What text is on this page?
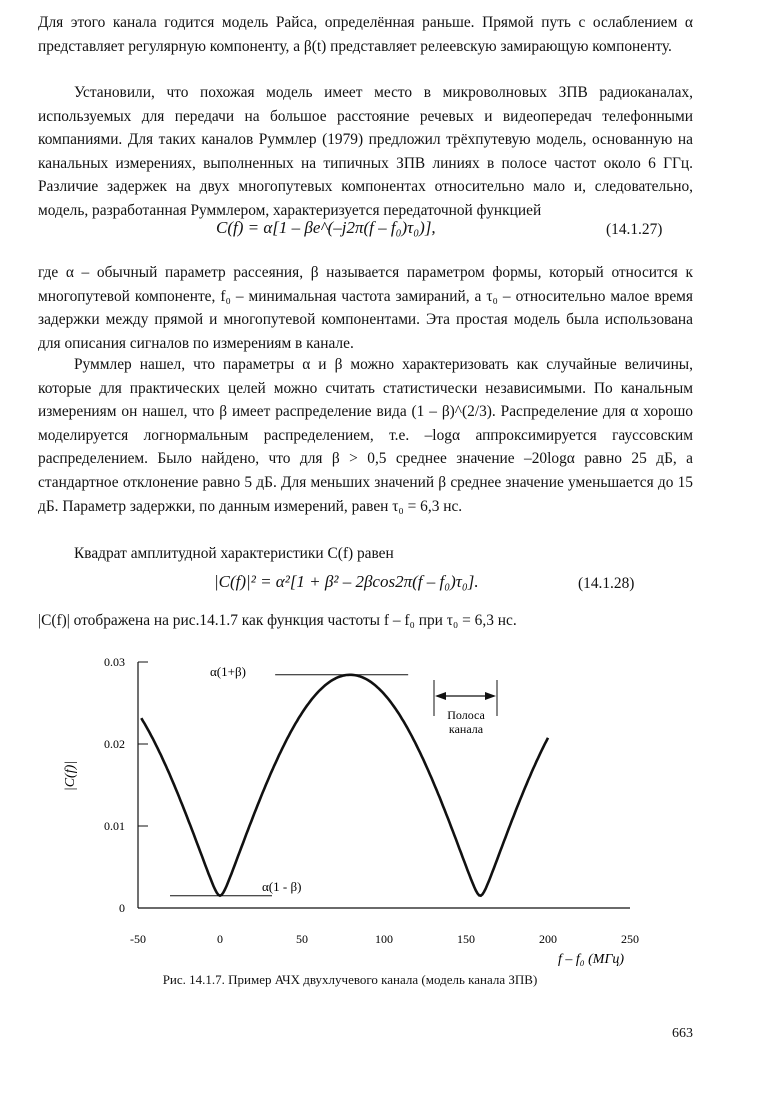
Для этого канала годится модель Райса, определённая раньше. Прямой путь с ослаблением α представляет регулярную компоненту, а β(t) представляет релеевскую замирающую компоненту.

Установили, что похожая модель имеет место в микроволновых ЗПВ радиоканалах, используемых для передачи на большое расстояние речевых и видеопередач телефонными компаниями. Для таких каналов Руммлер (1979) предложил трёхпутевую модель, основанную на канальных измерениях, выполненных на типичных ЗПВ линиях в полосе частот около 6 ГГц. Различие задержек на двух многопутевых компонентах относительно мало и, следовательно, модель, разработанная Руммлером, характеризуется передаточной функцией

C(f) = α[1 – βe^(–j2π(f – f₀)τ₀)],	(14.1.27)

где α – обычный параметр рассеяния, β называется параметром формы, который относится к многопутевой компоненте, f₀ – минимальная частота замираний, а τ₀ – относительно малое время задержки между прямой и многопутевой компонентами. Эта простая модель была использована для описания сигналов по измерениям в канале.

Руммлер нашел, что параметры α и β можно характеризовать как случайные величины, которые для практических целей можно считать статистически независимыми. По канальным измерениям он нашел, что β имеет распределение вида (1 – β)^(2/3). Распределение для α хорошо моделируется логнормальным распределением, т.е. –logα аппроксимируется гауссовским распределением. Было найдено, что для β > 0,5 среднее значение –20logα равно 25 дБ, а стандартное отклонение равно 5 дБ. Для меньших значений β среднее значение уменьшается до 15 дБ. Параметр задержки, по данным измерений, равен τ₀ = 6,3 нс.

Квадрат амплитудной характеристики C(f) равен

|C(f)|² = α²[1 + β² – 2βcos2π(f – f₀)τ₀].	(14.1.28)

|C(f)| отображена на рис.14.1.7 как функция частоты f – f₀ при τ₀ = 6,3 нс.

0
0.01
0.02
0.03
-50	0	50	100	150	200	250
α(1+β)
α(1 - β)
Полоса
канала
|C(f)|
f – f₀ (МГц)
Рис. 14.1.7. Пример АЧХ двухлучевого канала (модель канала ЗПВ)
663
